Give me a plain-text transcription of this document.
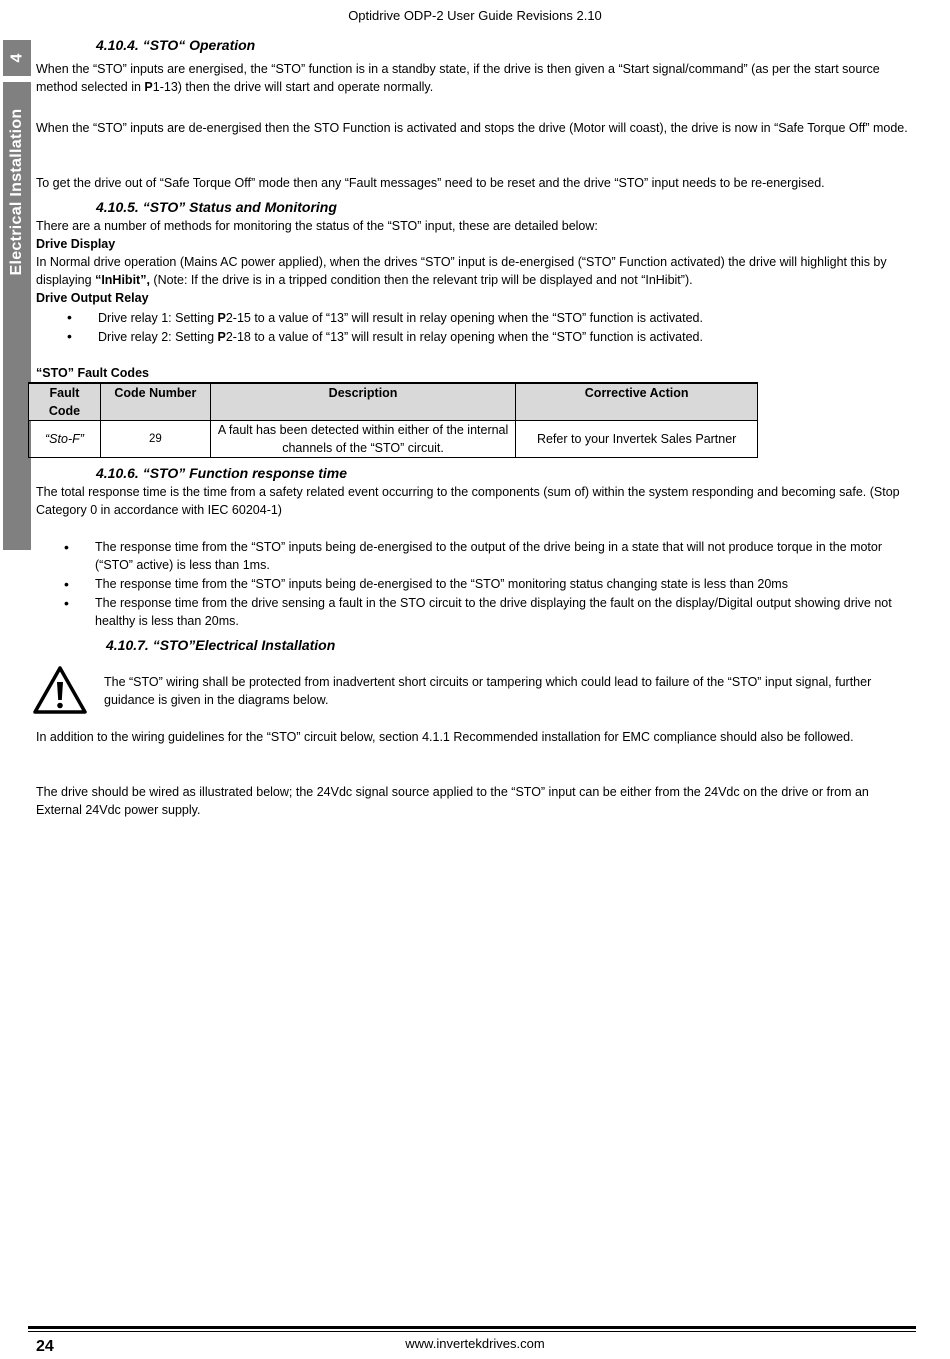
Optidrive ODP-2 User Guide Revisions 2.10
4
Electrical Installation
4.10.4. “STO“ Operation
When the “STO” inputs are energised, the “STO” function is in a standby state, if the drive is then given a “Start signal/command” (as per the start source method selected in P1-13) then the drive will start and operate normally.
When the “STO” inputs are de-energised then the STO Function is activated and stops the drive (Motor will coast), the drive is now in “Safe Torque Off” mode.
To get the drive out of “Safe Torque Off” mode then any “Fault messages” need to be reset and the drive “STO” input needs to be re-energised.
4.10.5. “STO” Status and Monitoring
There are a number of methods for monitoring the status of the “STO” input, these are detailed below:
Drive Display
In Normal drive operation (Mains AC power applied), when the drives “STO” input is de-energised (“STO” Function activated) the drive will highlight this by displaying “InHibit”, (Note: If the drive is in a tripped condition then the relevant trip will be displayed and not “InHibit”).
Drive Output Relay
• Drive relay 1: Setting P2-15 to a value of “13” will result in relay opening when the “STO” function is activated.
• Drive relay 2: Setting P2-18 to a value of “13” will result in relay opening when the “STO” function is activated.
“STO” Fault Codes
Fault Code	Code Number	Description	Corrective Action
“Sto-F”	29	A fault has been detected within either of the internal channels of the “STO” circuit.	Refer to your Invertek Sales Partner
4.10.6. “STO” Function response time
The total response time is the time from a safety related event occurring to the components (sum of) within the system responding and becoming safe. (Stop Category 0 in accordance with IEC 60204-1)
• The response time from the “STO” inputs being de-energised to the output of the drive being in a state that will not produce torque in the motor (“STO” active) is less than 1ms.
• The response time from the “STO” inputs being de-energised to the “STO” monitoring status changing state is less than 20ms
• The response time from the drive sensing a fault in the STO circuit to the drive displaying the fault on the display/Digital output showing drive not healthy is less than 20ms.
4.10.7. “STO”Electrical Installation
The “STO” wiring shall be protected from inadvertent short circuits or tampering which could lead to failure of the “STO” input signal, further guidance is given in the diagrams below.
In addition to the wiring guidelines for the “STO” circuit below, section 4.1.1 Recommended installation for EMC compliance should also be followed.
The drive should be wired as illustrated below; the 24Vdc signal source applied to the “STO” input can be either from the 24Vdc on the drive or from an External 24Vdc power supply.
24	www.invertekdrives.com
